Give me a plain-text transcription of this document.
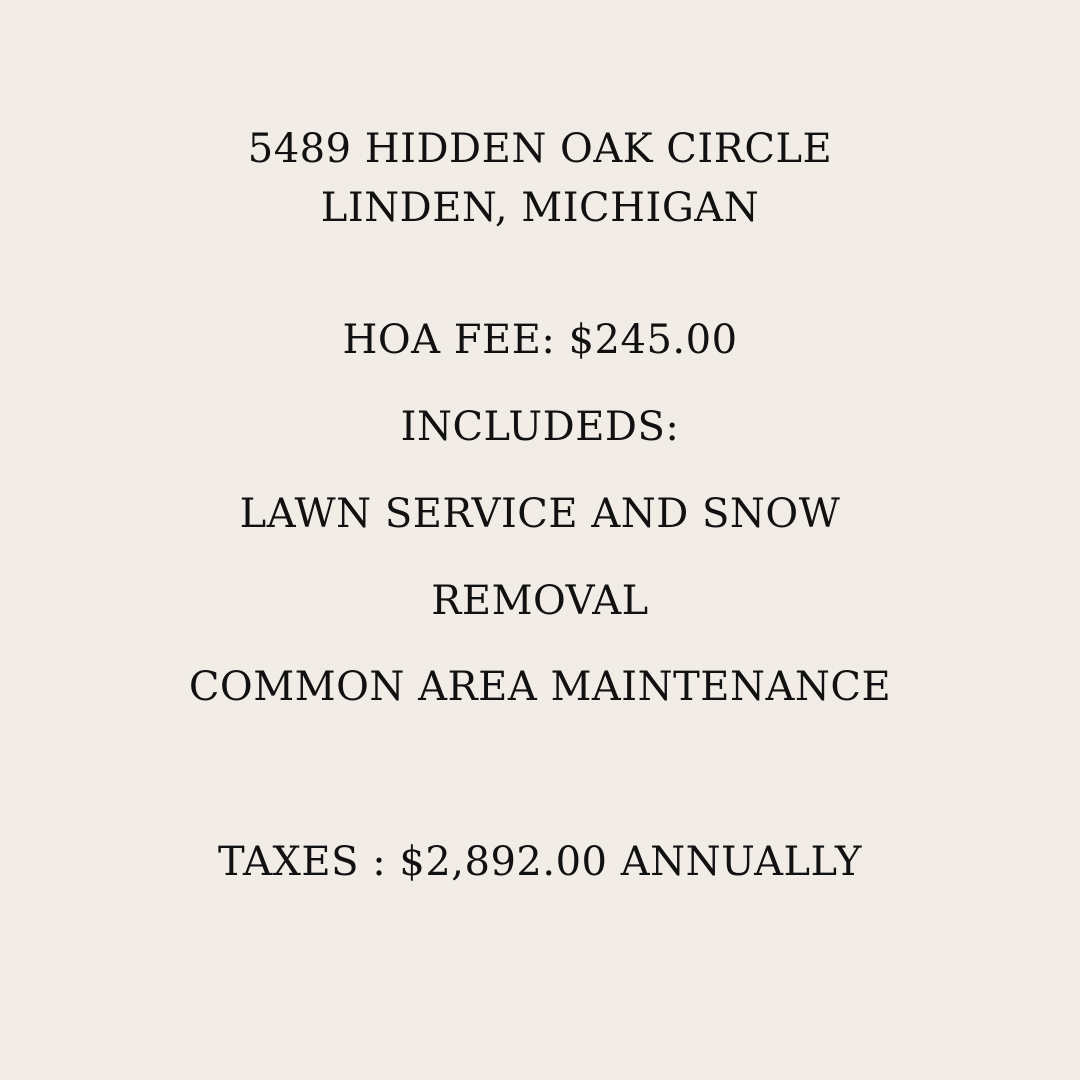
5489 HIDDEN OAK CIRCLE
LINDEN, MICHIGAN
HOA FEE: $245.00
INCLUDEDS:
LAWN SERVICE AND SNOW
REMOVAL
COMMON AREA MAINTENANCE
TAXES : $2,892.00 ANNUALLY
